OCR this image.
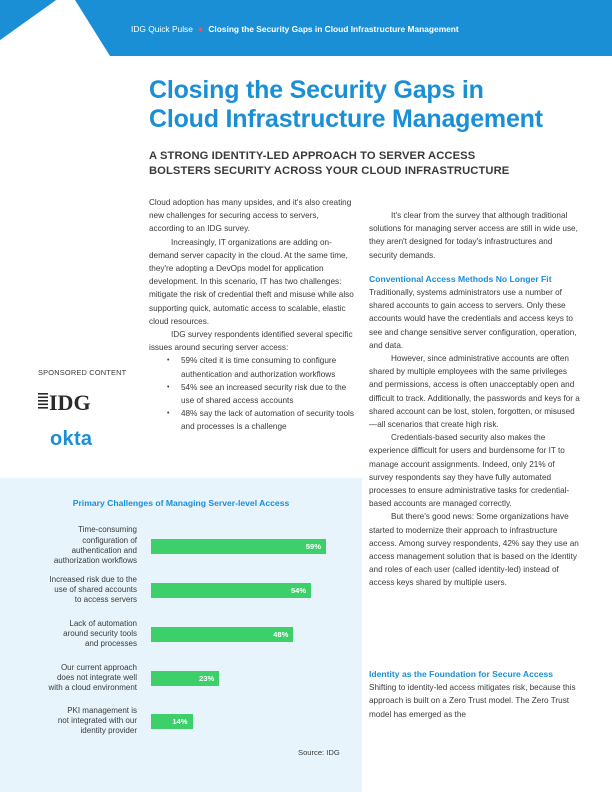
IDG Quick Pulse ● Closing the Security Gaps in Cloud Infrastructure Management
Closing the Security Gaps in
Cloud Infrastructure Management
A STRONG IDENTITY-LED APPROACH TO SERVER ACCESS
BOLSTERS SECURITY ACROSS YOUR CLOUD INFRASTRUCTURE

Cloud adoption has many upsides, and it's also creating new challenges for securing access to servers, according to an IDG survey.

Increasingly, IT organizations are adding on-demand server capacity in the cloud. At the same time, they're adopting a DevOps model for application development. In this scenario, IT has two challenges: mitigate the risk of credential theft and misuse while also supporting quick, automatic access to scalable, elastic cloud resources.

IDG survey respondents identified several specific issues around securing server access:

• 59% cited it is time consuming to configure authentication and authorization workflows
• 54% see an increased security risk due to the use of shared access accounts
• 48% say the lack of automation of security tools and processes is a challenge

It's clear from the survey that although traditional solutions for managing server access are still in wide use, they aren't designed for today's infrastructures and security demands.

Conventional Access Methods No Longer Fit

Traditionally, systems administrators use a number of shared accounts to gain access to servers. Only these accounts would have the credentials and access keys to see and change sensitive server configuration, operation, and data.

However, since administrative accounts are often shared by multiple employees with the same privileges and permissions, access is often unacceptably open and difficult to track. Additionally, the passwords and keys for a shared account can be lost, stolen, forgotten, or misused—all scenarios that create high risk.

Credentials-based security also makes the experience difficult for users and burdensome for IT to manage account assignments. Indeed, only 21% of survey respondents say they have fully automated processes to ensure administrative tasks for credential-based accounts are managed correctly.

But there's good news: Some organizations have started to modernize their approach to infrastructure access. Among survey respondents, 42% say they use an access management solution that is based on the identity and roles of each user (called identity-led) instead of access keys shared by multiple users.

Identity as the Foundation for Secure Access

Shifting to identity-led access mitigates risk, because this approach is built on a Zero Trust model. The Zero Trust model has emerged as the

SPONSORED CONTENT
IDG
okta
Primary Challenges of Managing Server-level Access
Time-consuming
configuration of
authentication and
authorization workflows
59%
Increased risk due to the
use of shared accounts
to access servers
54%
Lack of automation
around security tools
and processes
48%
Our current approach
does not integrate well
with a cloud environment
23%
PKI management is
not integrated with our
identity provider
14%
Source: IDG
